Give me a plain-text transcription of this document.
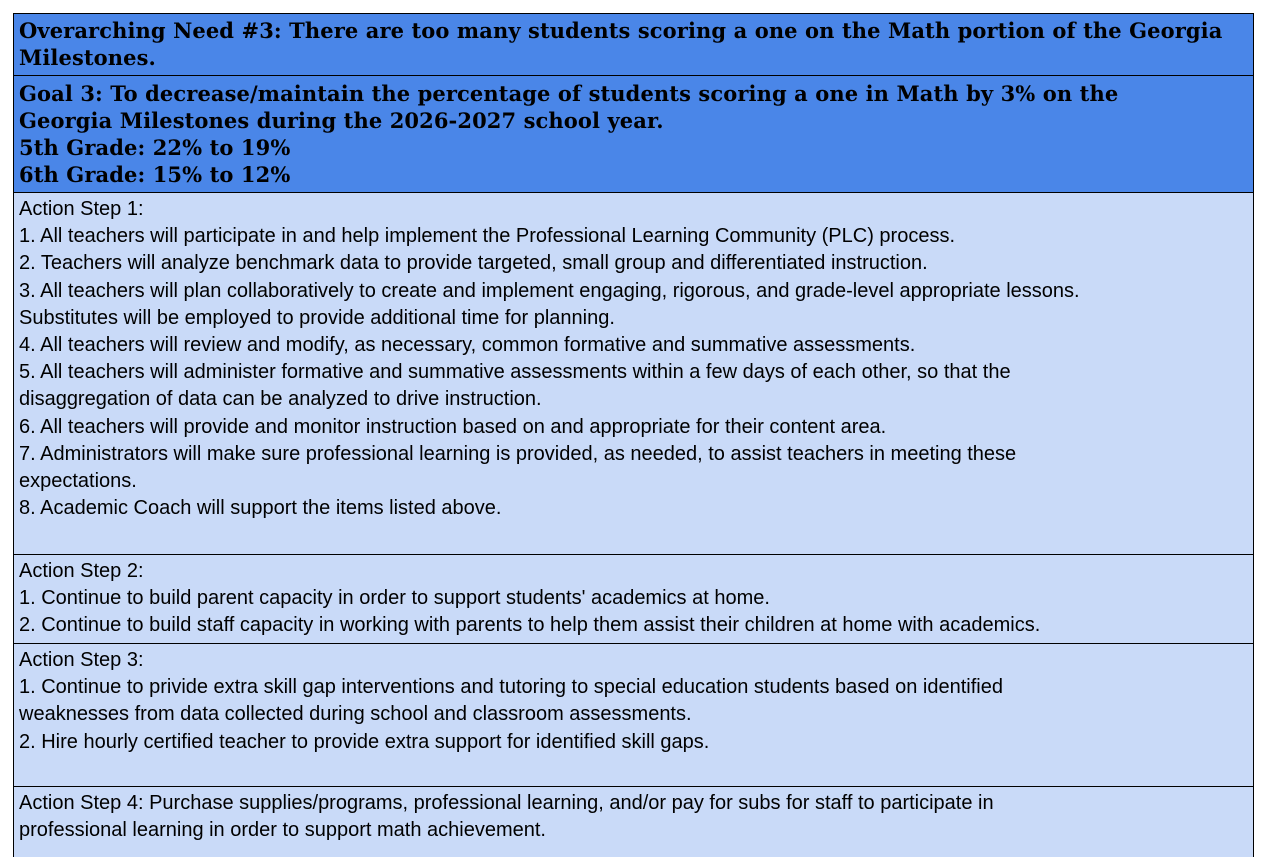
Overarching Need #3: There are too many students scoring a one on the Math portion of the Georgia
Milestones.
Goal 3: To decrease/maintain the percentage of students scoring a one in Math by 3% on the
Georgia Milestones during the 2026-2027 school year.
5th Grade: 22% to 19%
6th Grade: 15% to 12%
Action Step 1:
1. All teachers will participate in and help implement the Professional Learning Community (PLC) process.
2. Teachers will analyze benchmark data to provide targeted, small group and differentiated instruction.
3. All teachers will plan collaboratively to create and implement engaging, rigorous, and grade-level appropriate lessons.
Substitutes will be employed to provide additional time for planning.
4. All teachers will review and modify, as necessary, common formative and summative assessments.
5. All teachers will administer formative and summative assessments within a few days of each other, so that the
disaggregation of data can be analyzed to drive instruction.
6. All teachers will provide and monitor instruction based on and appropriate for their content area.
7. Administrators will make sure professional learning is provided, as needed, to assist teachers in meeting these
expectations.
8. Academic Coach will support the items listed above.
Action Step 2:
1. Continue to build parent capacity in order to support students' academics at home.
2. Continue to build staff capacity in working with parents to help them assist their children at home with academics.
Action Step 3:
1. Continue to privide extra skill gap interventions and tutoring to special education students based on identified
weaknesses from data collected during school and classroom assessments.
2. Hire hourly certified teacher to provide extra support for identified skill gaps.
Action Step 4: Purchase supplies/programs, professional learning, and/or pay for subs for staff to participate in
professional learning in order to support math achievement.
